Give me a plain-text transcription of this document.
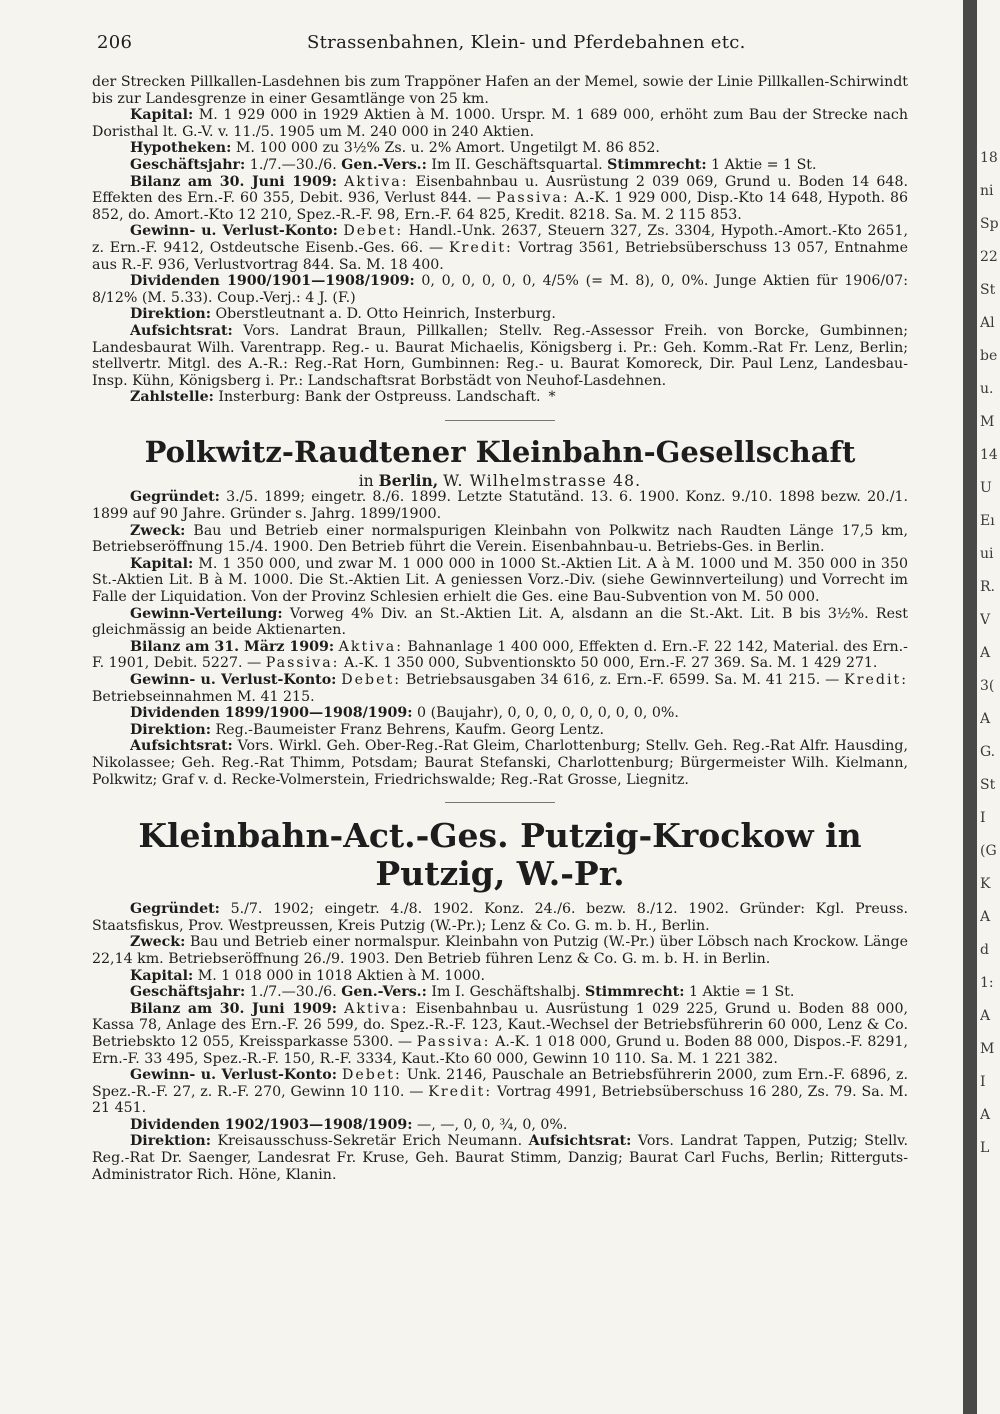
206	Strassenbahnen, Klein- und Pferdebahnen etc.

der Strecken Pillkallen-Lasdehnen bis zum Trappöner Hafen an der Memel, sowie der Linie Pillkallen-Schirwindt bis zur Landesgrenze in einer Gesamtlänge von 25 km.

Kapital: M. 1 929 000 in 1929 Aktien à M. 1000. Urspr. M. 1 689 000, erhöht zum Bau der Strecke nach Doristhal lt. G.-V. v. 11./5. 1905 um M. 240 000 in 240 Aktien.

Hypotheken: M. 100 000 zu 3½% Zs. u. 2% Amort. Ungetilgt M. 86 852.

Geschäftsjahr: 1./7.—30./6. Gen.-Vers.: Im II. Geschäftsquartal. Stimmrecht: 1 Aktie = 1 St.

Bilanz am 30. Juni 1909: Aktiva: Eisenbahnbau u. Ausrüstung 2 039 069, Grund u. Boden 14 648. Effekten des Ern.-F. 60 355, Debit. 936, Verlust 844. — Passiva: A.-K. 1 929 000, Disp.-Kto 14 648, Hypoth. 86 852, do. Amort.-Kto 12 210, Spez.-R.-F. 98, Ern.-F. 64 825, Kredit. 8218. Sa. M. 2 115 853.

Gewinn- u. Verlust-Konto: Debet: Handl.-Unk. 2637, Steuern 327, Zs. 3304, Hypoth.-Amort.-Kto 2651, z. Ern.-F. 9412, Ostdeutsche Eisenb.-Ges. 66. — Kredit: Vortrag 3561, Betriebsüberschuss 13 057, Entnahme aus R.-F. 936, Verlustvortrag 844. Sa. M. 18 400.

Dividenden 1900/1901—1908/1909: 0, 0, 0, 0, 0, 0, 4/5% (= M. 8), 0, 0%. Junge Aktien für 1906/07: 8/12% (M. 5.33). Coup.-Verj.: 4 J. (F.)

Direktion: Oberstleutnant a. D. Otto Heinrich, Insterburg.

Aufsichtsrat: Vors. Landrat Braun, Pillkallen; Stellv. Reg.-Assessor Freih. von Borcke, Gumbinnen; Landesbaurat Wilh. Varentrapp. Reg.- u. Baurat Michaelis, Königsberg i. Pr.: Geh. Komm.-Rat Fr. Lenz, Berlin; stellvertr. Mitgl. des A.-R.: Reg.-Rat Horn, Gumbinnen: Reg.- u. Baurat Komoreck, Dir. Paul Lenz, Landesbau-Insp. Kühn, Königsberg i. Pr.: Landschaftsrat Borbstädt von Neuhof-Lasdehnen.

Zahlstelle: Insterburg: Bank der Ostpreuss. Landschaft. *

Polkwitz-Raudtener Kleinbahn-Gesellschaft

in Berlin, W. Wilhelmstrasse 48.

Gegründet: 3./5. 1899; eingetr. 8./6. 1899. Letzte Statutänd. 13. 6. 1900. Konz. 9./10. 1898 bezw. 20./1. 1899 auf 90 Jahre. Gründer s. Jahrg. 1899/1900.

Zweck: Bau und Betrieb einer normalspurigen Kleinbahn von Polkwitz nach Raudten Länge 17,5 km, Betriebseröffnung 15./4. 1900. Den Betrieb führt die Verein. Eisenbahnbau-u. Betriebs-Ges. in Berlin.

Kapital: M. 1 350 000, und zwar M. 1 000 000 in 1000 St.-Aktien Lit. A à M. 1000 und M. 350 000 in 350 St.-Aktien Lit. B à M. 1000. Die St.-Aktien Lit. A geniessen Vorz.-Div. (siehe Gewinnverteilung) und Vorrecht im Falle der Liquidation. Von der Provinz Schlesien erhielt die Ges. eine Bau-Subvention von M. 50 000.

Gewinn-Verteilung: Vorweg 4% Div. an St.-Aktien Lit. A, alsdann an die St.-Akt. Lit. B bis 3½%. Rest gleichmässig an beide Aktienarten.

Bilanz am 31. März 1909: Aktiva: Bahnanlage 1 400 000, Effekten d. Ern.-F. 22 142, Material. des Ern.-F. 1901, Debit. 5227. — Passiva: A.-K. 1 350 000, Subventionskto 50 000, Ern.-F. 27 369. Sa. M. 1 429 271.

Gewinn- u. Verlust-Konto: Debet: Betriebsausgaben 34 616, z. Ern.-F. 6599. Sa. M. 41 215. — Kredit: Betriebseinnahmen M. 41 215.

Dividenden 1899/1900—1908/1909: 0 (Baujahr), 0, 0, 0, 0, 0, 0, 0, 0, 0%.

Direktion: Reg.-Baumeister Franz Behrens, Kaufm. Georg Lentz.

Aufsichtsrat: Vors. Wirkl. Geh. Ober-Reg.-Rat Gleim, Charlottenburg; Stellv. Geh. Reg.-Rat Alfr. Hausding, Nikolassee; Geh. Reg.-Rat Thimm, Potsdam; Baurat Stefanski, Charlottenburg; Bürgermeister Wilh. Kielmann, Polkwitz; Graf v. d. Recke-Volmerstein, Friedrichswalde; Reg.-Rat Grosse, Liegnitz.

Kleinbahn-Act.-Ges. Putzig-Krockow in Putzig, W.-Pr.

Gegründet: 5./7. 1902; eingetr. 4./8. 1902. Konz. 24./6. bezw. 8./12. 1902. Gründer: Kgl. Preuss. Staatsfiskus, Prov. Westpreussen, Kreis Putzig (W.-Pr.); Lenz & Co. G. m. b. H., Berlin.

Zweck: Bau und Betrieb einer normalspur. Kleinbahn von Putzig (W.-Pr.) über Löbsch nach Krockow. Länge 22,14 km. Betriebseröffnung 26./9. 1903. Den Betrieb führen Lenz & Co. G. m. b. H. in Berlin.

Kapital: M. 1 018 000 in 1018 Aktien à M. 1000.

Geschäftsjahr: 1./7.—30./6. Gen.-Vers.: Im I. Geschäftshalbj. Stimmrecht: 1 Aktie = 1 St.

Bilanz am 30. Juni 1909: Aktiva: Eisenbahnbau u. Ausrüstung 1 029 225, Grund u. Boden 88 000, Kassa 78, Anlage des Ern.-F. 26 599, do. Spez.-R.-F. 123, Kaut.-Wechsel der Betriebsführerin 60 000, Lenz & Co. Betriebskto 12 055, Kreissparkasse 5300. — Passiva: A.-K. 1 018 000, Grund u. Boden 88 000, Dispos.-F. 8291, Ern.-F. 33 495, Spez.-R.-F. 150, R.-F. 3334, Kaut.-Kto 60 000, Gewinn 10 110. Sa. M. 1 221 382.

Gewinn- u. Verlust-Konto: Debet: Unk. 2146, Pauschale an Betriebsführerin 2000, zum Ern.-F. 6896, z. Spez.-R.-F. 27, z. R.-F. 270, Gewinn 10 110. — Kredit: Vortrag 4991, Betriebsüberschuss 16 280, Zs. 79. Sa. M. 21 451.

Dividenden 1902/1903—1908/1909: —, —, 0, 0, ¾, 0, 0%.

Direktion: Kreisausschuss-Sekretär Erich Neumann. Aufsichtsrat: Vors. Landrat Tappen, Putzig; Stellv. Reg.-Rat Dr. Saenger, Landesrat Fr. Kruse, Geh. Baurat Stimm, Danzig; Baurat Carl Fuchs, Berlin; Ritterguts-Administrator Rich. Höne, Klanin.

18
ni
Sp
22
St
Al
be
u.
M
14
U
Eı
ui
R.
V
A
3(
A
G.
St
I
(G
K
A
d
1:
A
M
I
A
L
